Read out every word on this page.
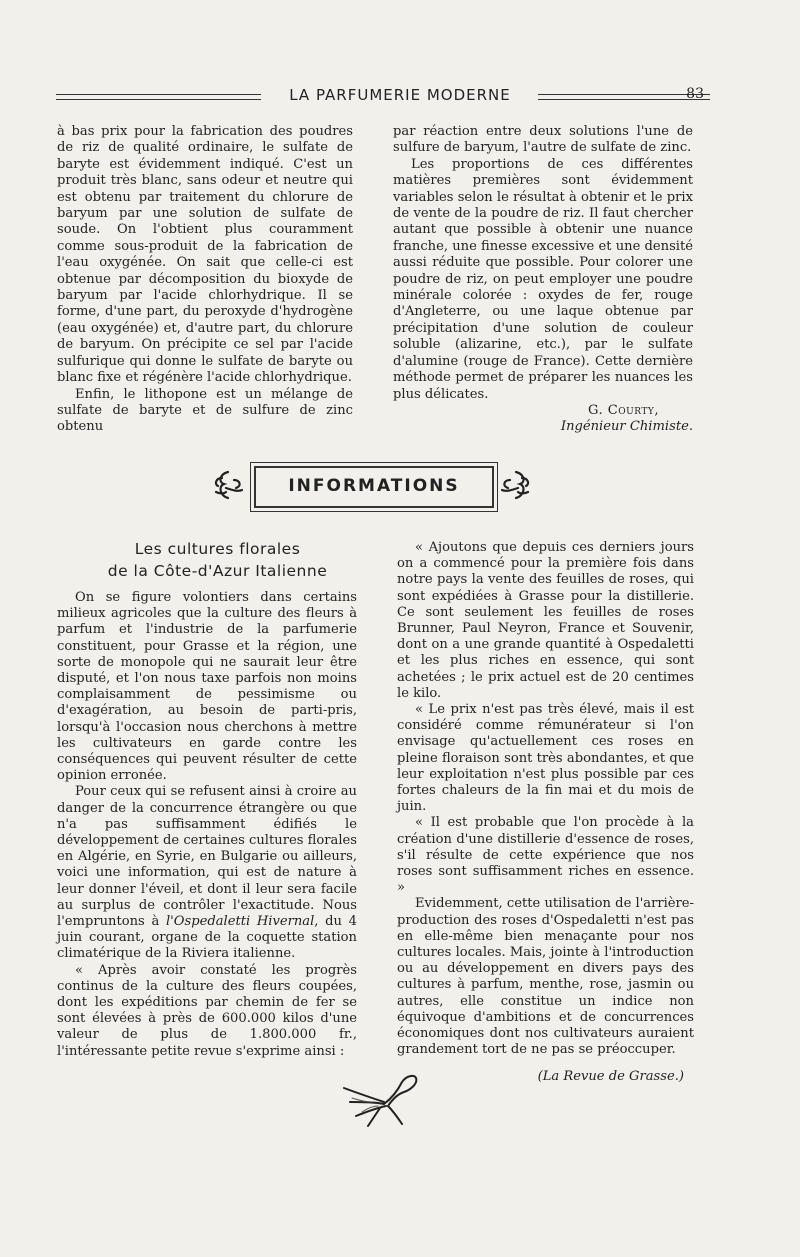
LA PARFUMERIE MODERNE	83

à bas prix pour la fabrication des poudres de riz de qualité ordinaire, le sulfate de baryte est évidemment indiqué. C'est un produit très blanc, sans odeur et neutre qui est obtenu par traitement du chlorure de baryum par une solution de sulfate de soude. On l'obtient plus couramment comme sous-produit de la fabrication de l'eau oxygénée. On sait que celle-ci est obtenue par décomposition du bioxyde de baryum par l'acide chlorhydrique. Il se forme, d'une part, du peroxyde d'hydrogène (eau oxygénée) et, d'autre part, du chlorure de baryum. On précipite ce sel par l'acide sulfurique qui donne le sulfate de baryte ou blanc fixe et régénère l'acide chlorhydrique.

Enfin, le lithopone est un mélange de sulfate de baryte et de sulfure de zinc obtenu

par réaction entre deux solutions l'une de sulfure de baryum, l'autre de sulfate de zinc.

Les proportions de ces différentes matières premières sont évidemment variables selon le résultat à obtenir et le prix de vente de la poudre de riz. Il faut chercher autant que possible à obtenir une nuance franche, une finesse excessive et une densité aussi réduite que possible. Pour colorer une poudre de riz, on peut employer une poudre minérale colorée : oxydes de fer, rouge d'Angleterre, ou une laque obtenue par précipitation d'une solution de couleur soluble (alizarine, etc.), par le sulfate d'alumine (rouge de France). Cette dernière méthode permet de préparer les nuances les plus délicates.

G. Courty,
Ingénieur Chimiste.
INFORMATIONS
Les cultures florales
de la Côte-d'Azur Italienne

On se figure volontiers dans certains milieux agricoles que la culture des fleurs à parfum et l'industrie de la parfumerie constituent, pour Grasse et la région, une sorte de monopole qui ne saurait leur être disputé, et l'on nous taxe parfois non moins complaisamment de pessimisme ou d'exagération, au besoin de parti-pris, lorsqu'à l'occasion nous cherchons à mettre les cultivateurs en garde contre les conséquences qui peuvent résulter de cette opinion erronée.

Pour ceux qui se refusent ainsi à croire au danger de la concurrence étrangère ou que n'a pas suffisamment édifiés le développement de certaines cultures florales en Algérie, en Syrie, en Bulgarie ou ailleurs, voici une information, qui est de nature à leur donner l'éveil, et dont il leur sera facile au surplus de contrôler l'exactitude. Nous l'empruntons à l'Ospedaletti Hivernal, du 4 juin courant, organe de la coquette station climatérique de la Riviera italienne.

« Après avoir constaté les progrès continus de la culture des fleurs coupées, dont les expéditions par chemin de fer se sont élevées à près de 600.000 kilos d'une valeur de plus de 1.800.000 fr., l'intéressante petite revue s'exprime ainsi :

« Ajoutons que depuis ces derniers jours on a commencé pour la première fois dans notre pays la vente des feuilles de roses, qui sont expédiées à Grasse pour la distillerie. Ce sont seulement les feuilles de roses Brunner, Paul Neyron, France et Souvenir, dont on a une grande quantité à Ospedaletti et les plus riches en essence, qui sont achetées ; le prix actuel est de 20 centimes le kilo.

« Le prix n'est pas très élevé, mais il est considéré comme rémunérateur si l'on envisage qu'actuellement ces roses en pleine floraison sont très abondantes, et que leur exploitation n'est plus possible par ces fortes chaleurs de la fin mai et du mois de juin.

« Il est probable que l'on procède à la création d'une distillerie d'essence de roses, s'il résulte de cette expérience que nos roses sont suffisamment riches en essence. »

Evidemment, cette utilisation de l'arrière-production des roses d'Ospedaletti n'est pas en elle-même bien menaçante pour nos cultures locales. Mais, jointe à l'introduction ou au développement en divers pays des cultures à parfum, menthe, rose, jasmin ou autres, elle constitue un indice non équivoque d'ambitions et de concurrences économiques dont nos cultivateurs auraient grandement tort de ne pas se préoccuper.

(La Revue de Grasse.)
